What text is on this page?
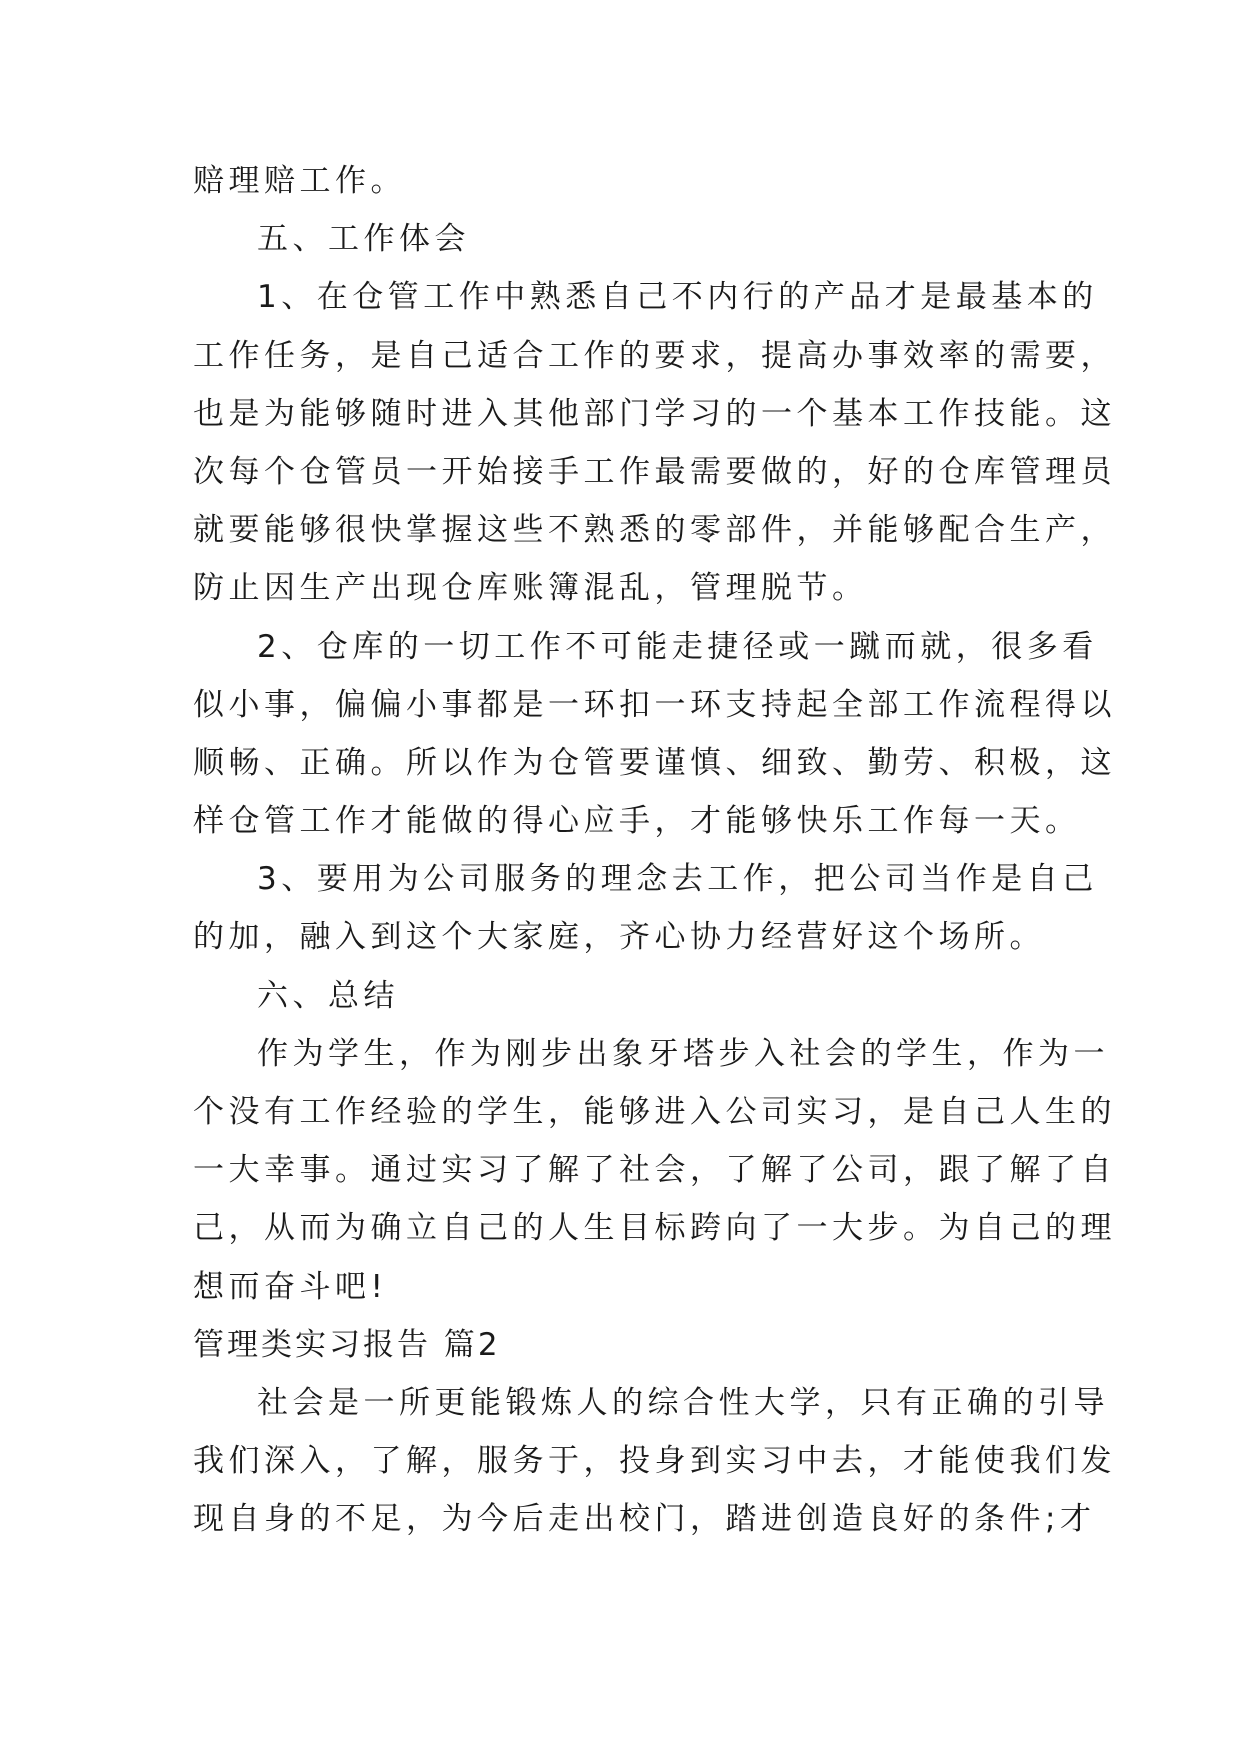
赔理赔工作。
五、工作体会
1、在仓管工作中熟悉自己不内行的产品才是最基本的
工作任务，是自己适合工作的要求，提高办事效率的需要，
也是为能够随时进入其他部门学习的一个基本工作技能。这
次每个仓管员一开始接手工作最需要做的，好的仓库管理员
就要能够很快掌握这些不熟悉的零部件，并能够配合生产，
防止因生产出现仓库账簿混乱，管理脱节。
2、仓库的一切工作不可能走捷径或一蹴而就，很多看
似小事，偏偏小事都是一环扣一环支持起全部工作流程得以
顺畅、正确。所以作为仓管要谨慎、细致、勤劳、积极，这
样仓管工作才能做的得心应手，才能够快乐工作每一天。
3、要用为公司服务的理念去工作，把公司当作是自己
的加，融入到这个大家庭，齐心协力经营好这个场所。
六、总结
作为学生，作为刚步出象牙塔步入社会的学生，作为一
个没有工作经验的学生，能够进入公司实习，是自己人生的
一大幸事。通过实习了解了社会，了解了公司，跟了解了自
己，从而为确立自己的人生目标跨向了一大步。为自己的理
想而奋斗吧!
管理类实习报告 篇2
社会是一所更能锻炼人的综合性大学，只有正确的引导
我们深入，了解，服务于，投身到实习中去，才能使我们发
现自身的不足，为今后走出校门，踏进创造良好的条件;才
